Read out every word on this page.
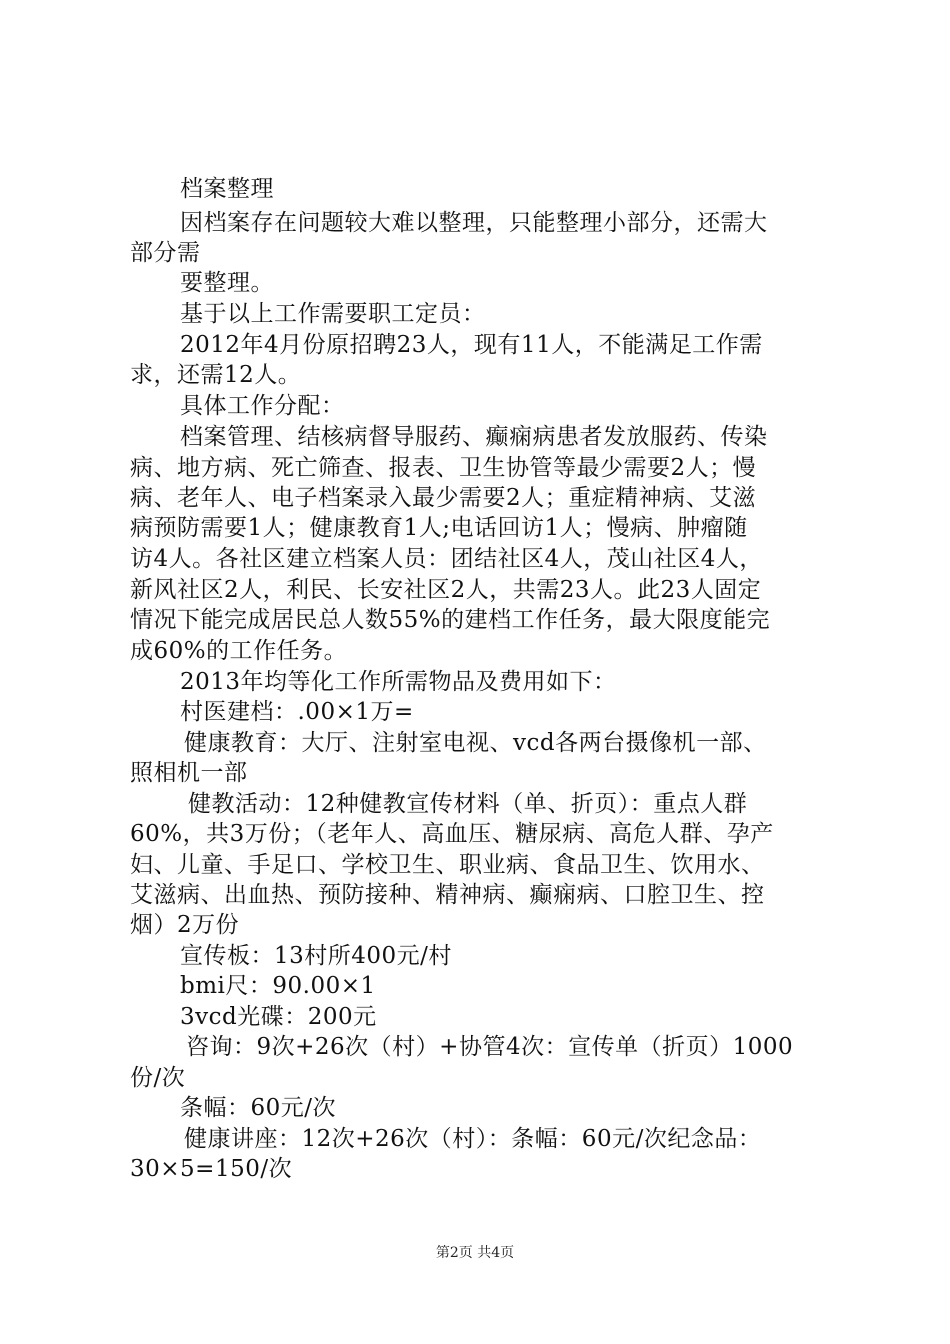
档案整理
因档案存在问题较大难以整理，只能整理小部分，还需大
部分需
要整理。
基于以上工作需要职工定员：
2012年4月份原招聘23人，现有11人，不能满足工作需
求，还需12人。
具体工作分配：
档案管理、结核病督导服药、癫痫病患者发放服药、传染
病、地方病、死亡筛查、报表、卫生协管等最少需要2人；慢
病、老年人、电子档案录入最少需要2人；重症精神病、艾滋
病预防需要1人；健康教育1人;电话回访1人；慢病、肿瘤随
访4人。各社区建立档案人员：团结社区4人，茂山社区4人，
新风社区2人，利民、长安社区2人，共需23人。此23人固定
情况下能完成居民总人数55%的建档工作任务，最大限度能完
成60%的工作任务。
2013年均等化工作所需物品及费用如下：
村医建档：.00×1万=
健康教育：大厅、注射室电视、vcd各两台摄像机一部、
照相机一部
健教活动：12种健教宣传材料（单、折页）：重点人群
60%，共3万份；（老年人、高血压、糖尿病、高危人群、孕产
妇、儿童、手足口、学校卫生、职业病、食品卫生、饮用水、
艾滋病、出血热、预防接种、精神病、癫痫病、口腔卫生、控
烟）2万份
宣传板：13村所400元/村
bmi尺：90.00×1
3vcd光碟：200元
咨询：9次+26次（村）+协管4次：宣传单（折页）1000
份/次
条幅：60元/次
健康讲座：12次+26次（村）：条幅：60元/次纪念品：
30×5=150/次
第2页 共4页
